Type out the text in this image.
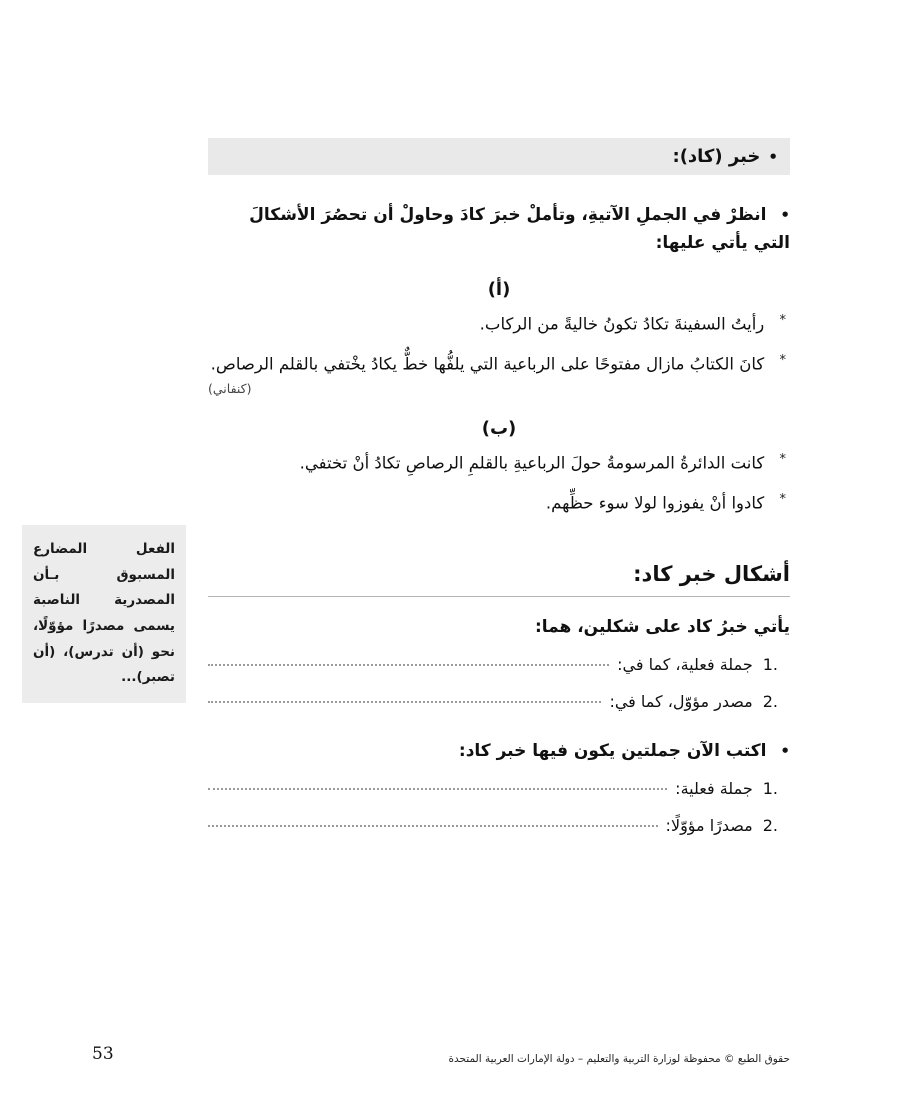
•
خبر (كاد):
• انظرْ في الجملِ الآتيةِ، وتأملْ خبرَ كادَ وحاولْ أن تحصُرَ الأشكالَ التي يأتي عليها:
(أ)
* رأيتُ السفينةَ تكادُ تكونُ خاليةً من الركاب.
* كانَ الكتابُ مازال مفتوحًا على الرباعية التي يلفُّها خطٌّ يكادُ يخْتفي بالقلم الرصاص.
(كنفاني)
(ب)
* كانت الدائرةُ المرسومةُ حولَ الرباعيةِ بالقلمِ الرصاصِ تكادُ أنْ تختفي.
* كادوا أنْ يفوزوا لولا سوء حظِّهم.
أشكال خبر كاد:
يأتي خبرُ كاد على شكلين، هما:
1.
جملة فعلية، كما في:
2.
مصدر مؤوّل، كما في:
• اكتب الآن جملتين يكون فيها خبر كاد:
1.
جملة فعلية:
2.
مصدرًا مؤوّلًا:
الفعل المضارع المسبوق بـأن المصدرية الناصبة يسمى مصدرًا مؤوّلًا، نحو (أن تدرس)، (أن تصبر)...
53	حقوق الطبع © محفوظة لوزارة التربية والتعليم – دولة الإمارات العربية المتحدة
